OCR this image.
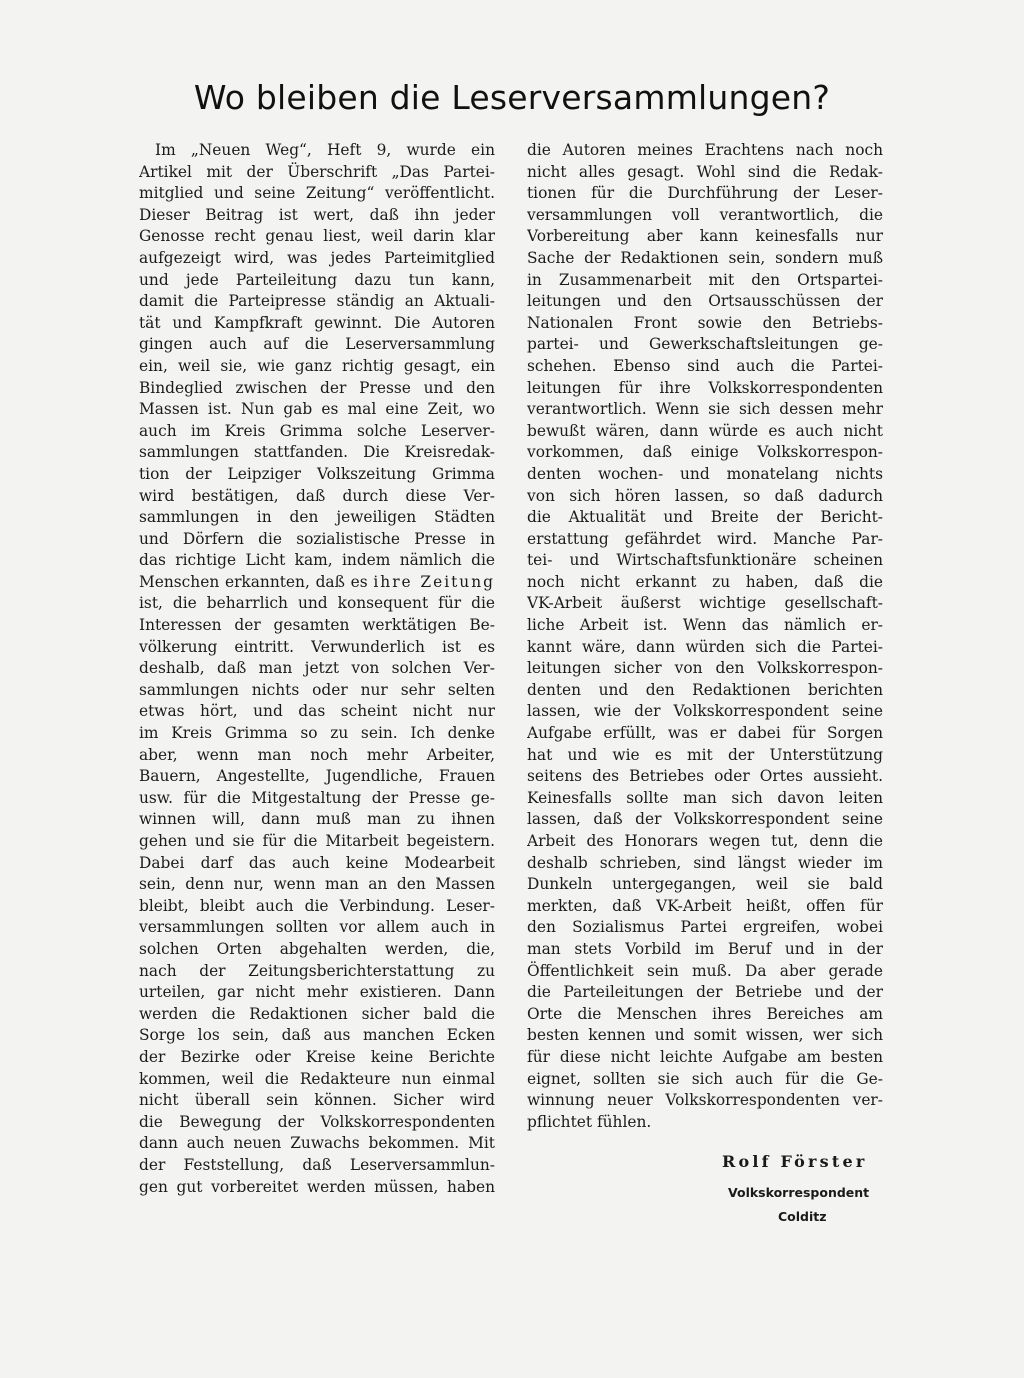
Wo bleiben die Leserversammlungen?
Im „Neuen Weg“, Heft 9, wurde ein
Artikel mit der Überschrift „Das Partei-
mitglied und seine Zeitung“ veröffentlicht.
Dieser Beitrag ist wert, daß ihn jeder
Genosse recht genau liest, weil darin klar
aufgezeigt wird, was jedes Parteimitglied
und jede Parteileitung dazu tun kann,
damit die Parteipresse ständig an Aktuali-
tät und Kampfkraft gewinnt. Die Autoren
gingen auch auf die Leserversammlung
ein, weil sie, wie ganz richtig gesagt, ein
Bindeglied zwischen der Presse und den
Massen ist. Nun gab es mal eine Zeit, wo
auch im Kreis Grimma solche Leserver-
sammlungen stattfanden. Die Kreisredak-
tion der Leipziger Volkszeitung Grimma
wird bestätigen, daß durch diese Ver-
sammlungen in den jeweiligen Städten
und Dörfern die sozialistische Presse in
das richtige Licht kam, indem nämlich die
Menschen erkannten, daß es ihre Zeitung
ist, die beharrlich und konsequent für die
Interessen der gesamten werktätigen Be-
völkerung eintritt. Verwunderlich ist es
deshalb, daß man jetzt von solchen Ver-
sammlungen nichts oder nur sehr selten
etwas hört, und das scheint nicht nur
im Kreis Grimma so zu sein. Ich denke
aber, wenn man noch mehr Arbeiter,
Bauern, Angestellte, Jugendliche, Frauen
usw. für die Mitgestaltung der Presse ge-
winnen will, dann muß man zu ihnen
gehen und sie für die Mitarbeit begeistern.
Dabei darf das auch keine Modearbeit
sein, denn nur, wenn man an den Massen
bleibt, bleibt auch die Verbindung. Leser-
versammlungen sollten vor allem auch in
solchen Orten abgehalten werden, die,
nach der Zeitungsberichterstattung zu
urteilen, gar nicht mehr existieren. Dann
werden die Redaktionen sicher bald die
Sorge los sein, daß aus manchen Ecken
der Bezirke oder Kreise keine Berichte
kommen, weil die Redakteure nun einmal
nicht überall sein können. Sicher wird
die Bewegung der Volkskorrespondenten
dann auch neuen Zuwachs bekommen. Mit
der Feststellung, daß Leserversammlun-
gen gut vorbereitet werden müssen, haben
die Autoren meines Erachtens nach noch
nicht alles gesagt. Wohl sind die Redak-
tionen für die Durchführung der Leser-
versammlungen voll verantwortlich, die
Vorbereitung aber kann keinesfalls nur
Sache der Redaktionen sein, sondern muß
in Zusammenarbeit mit den Ortspartei-
leitungen und den Ortsausschüssen der
Nationalen Front sowie den Betriebs-
partei- und Gewerkschaftsleitungen ge-
schehen. Ebenso sind auch die Partei-
leitungen für ihre Volkskorrespondenten
verantwortlich. Wenn sie sich dessen mehr
bewußt wären, dann würde es auch nicht
vorkommen, daß einige Volkskorrespon-
denten wochen- und monatelang nichts
von sich hören lassen, so daß dadurch
die Aktualität und Breite der Bericht-
erstattung gefährdet wird. Manche Par-
tei- und Wirtschaftsfunktionäre scheinen
noch nicht erkannt zu haben, daß die
VK-Arbeit äußerst wichtige gesellschaft-
liche Arbeit ist. Wenn das nämlich er-
kannt wäre, dann würden sich die Partei-
leitungen sicher von den Volkskorrespon-
denten und den Redaktionen berichten
lassen, wie der Volkskorrespondent seine
Aufgabe erfüllt, was er dabei für Sorgen
hat und wie es mit der Unterstützung
seitens des Betriebes oder Ortes aussieht.
Keinesfalls sollte man sich davon leiten
lassen, daß der Volkskorrespondent seine
Arbeit des Honorars wegen tut, denn die
deshalb schrieben, sind längst wieder im
Dunkeln untergegangen, weil sie bald
merkten, daß VK-Arbeit heißt, offen für
den Sozialismus Partei ergreifen, wobei
man stets Vorbild im Beruf und in der
Öffentlichkeit sein muß. Da aber gerade
die Parteileitungen der Betriebe und der
Orte die Menschen ihres Bereiches am
besten kennen und somit wissen, wer sich
für diese nicht leichte Aufgabe am besten
eignet, sollten sie sich auch für die Ge-
winnung neuer Volkskorrespondenten ver-
pflichtet fühlen.
Rolf Förster
Volkskorrespondent
Colditz
